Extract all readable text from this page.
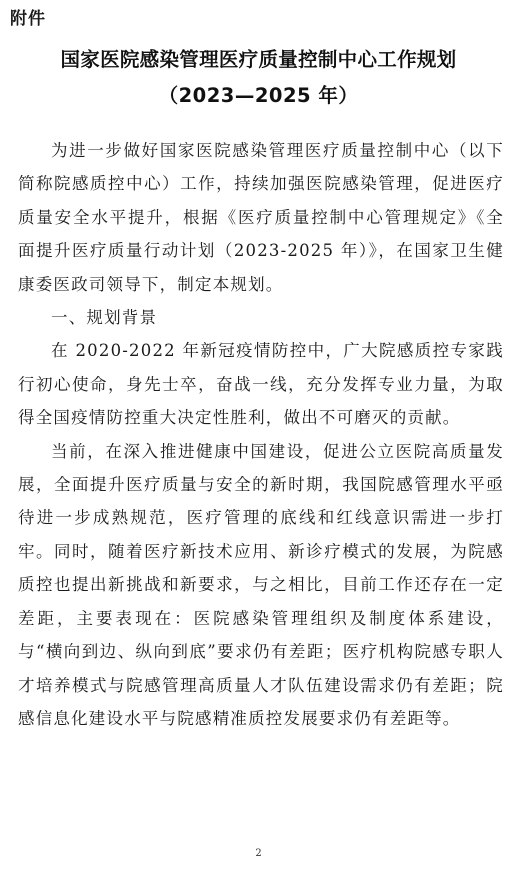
附件
国家医院感染管理医疗质量控制中心工作规划
（2023—2025 年）

为进一步做好国家医院感染管理医疗质量控制中心（以下简称院感质控中心）工作，持续加强医院感染管理，促进医疗质量安全水平提升，根据《医疗质量控制中心管理规定》《全面提升医疗质量行动计划（2023-2025 年）》，在国家卫生健康委医政司领导下，制定本规划。

一、规划背景

在 2020-2022 年新冠疫情防控中，广大院感质控专家践行初心使命，身先士卒，奋战一线，充分发挥专业力量，为取得全国疫情防控重大决定性胜利，做出不可磨灭的贡献。

当前，在深入推进健康中国建设，促进公立医院高质量发展，全面提升医疗质量与安全的新时期，我国院感管理水平亟待进一步成熟规范，医疗管理的底线和红线意识需进一步打牢。同时，随着医疗新技术应用、新诊疗模式的发展，为院感质控也提出新挑战和新要求，与之相比，目前工作还存在一定差距，主要表现在：医院感染管理组织及制度体系建设，与“横向到边、纵向到底”要求仍有差距；医疗机构院感专职人才培养模式与院感管理高质量人才队伍建设需求仍有差距；院感信息化建设水平与院感精准质控发展要求仍有差距等。

2
